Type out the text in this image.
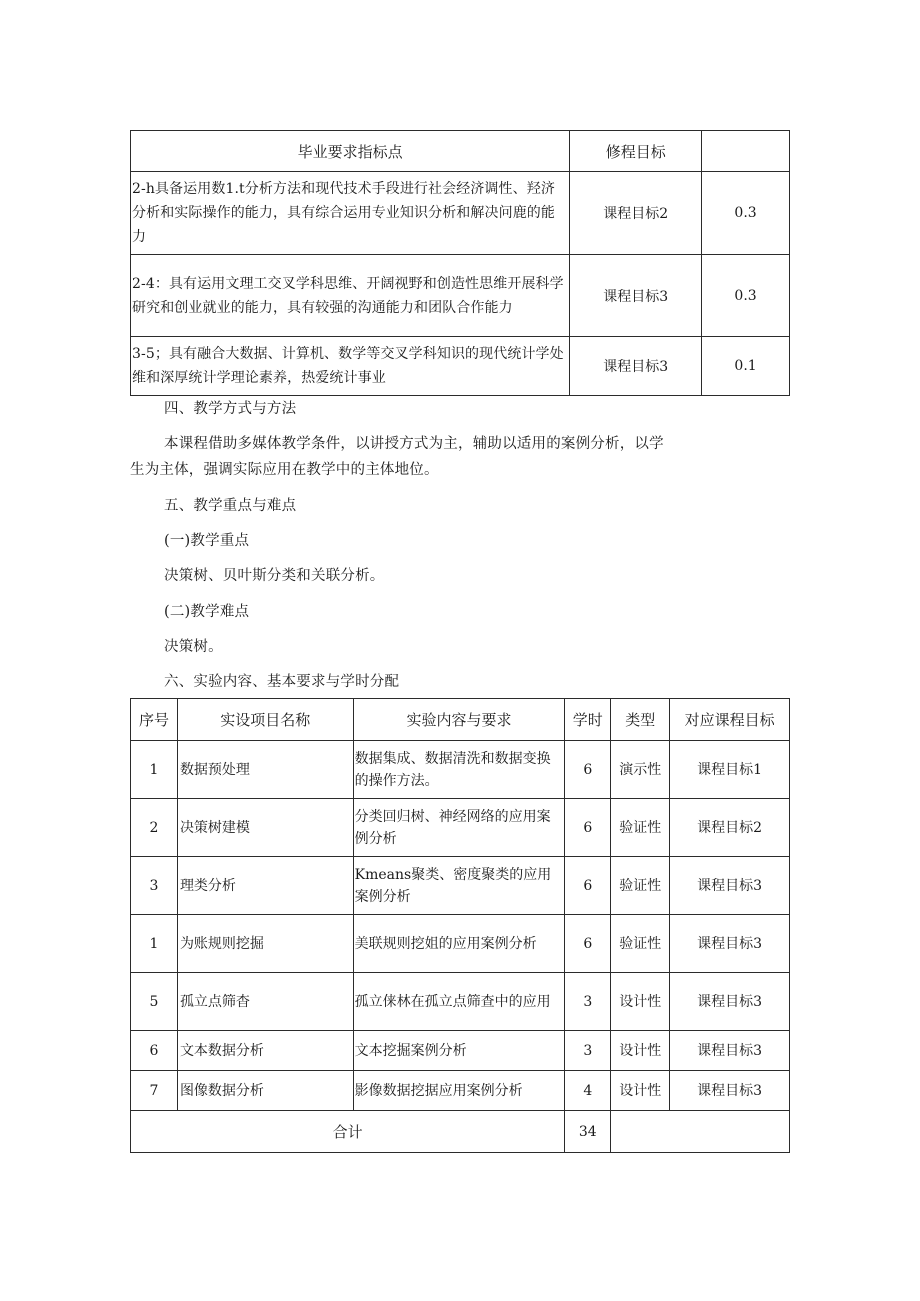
毕业要求指标点	修程目标	
2-h具备运用数1.t分析方法和现代技术手段进行社会经济调性、羟济分析和实际操作的能力，具有综合运用专业知识分析和解决问鹿的能力	课程目标2	0.3
2-4：具有运用文理工交叉学科思维、开阔视野和创造性思维开展科学研究和创业就业的能力，具有较强的沟通能力和团队合作能力	课程目标3	0.3
3-5；具有融合大数据、计算机、数学等交叉学科知识的现代统计学处维和深厚统计学理论素养，热爱统计事业	课程目标3	0.1
四、教学方式与方法
本课程借助多媒体教学条件，以讲授方式为主，辅助以适用的案例分析，以学
生为主体，强调实际应用在教学中的主体地位。
五、教学重点与难点
(一)教学重点
决策树、贝叶斯分类和关联分析。
(二)教学难点
决策树。
六、实验内容、基本要求与学时分配
序号	实设项目名称	实验内容与要求	学时	类型	对应课程目标
1	数据预处理	数据集成、数据清洗和数据变换的操作方法。	6	演示性	课程目标1
2	决策树建模	分类回归树、神经网络的应用案例分析	6	验证性	课程目标2
3	理类分析	Kmeans聚类、密度聚类的应用案例分析	6	验证性	课程目标3
1	为账规则挖掘	美联规则挖姐的应用案例分析	6	验证性	课程目标3
5	孤立点筛杳	孤立俫林在孤立点筛查中的应用	3	设计性	课程目标3
6	文本数据分析	文本挖掘案例分析	3	设计性	课程目标3
7	图像数据分析	影像数据挖据应用案例分析	4	设计性	课程目标3
合计			34		
